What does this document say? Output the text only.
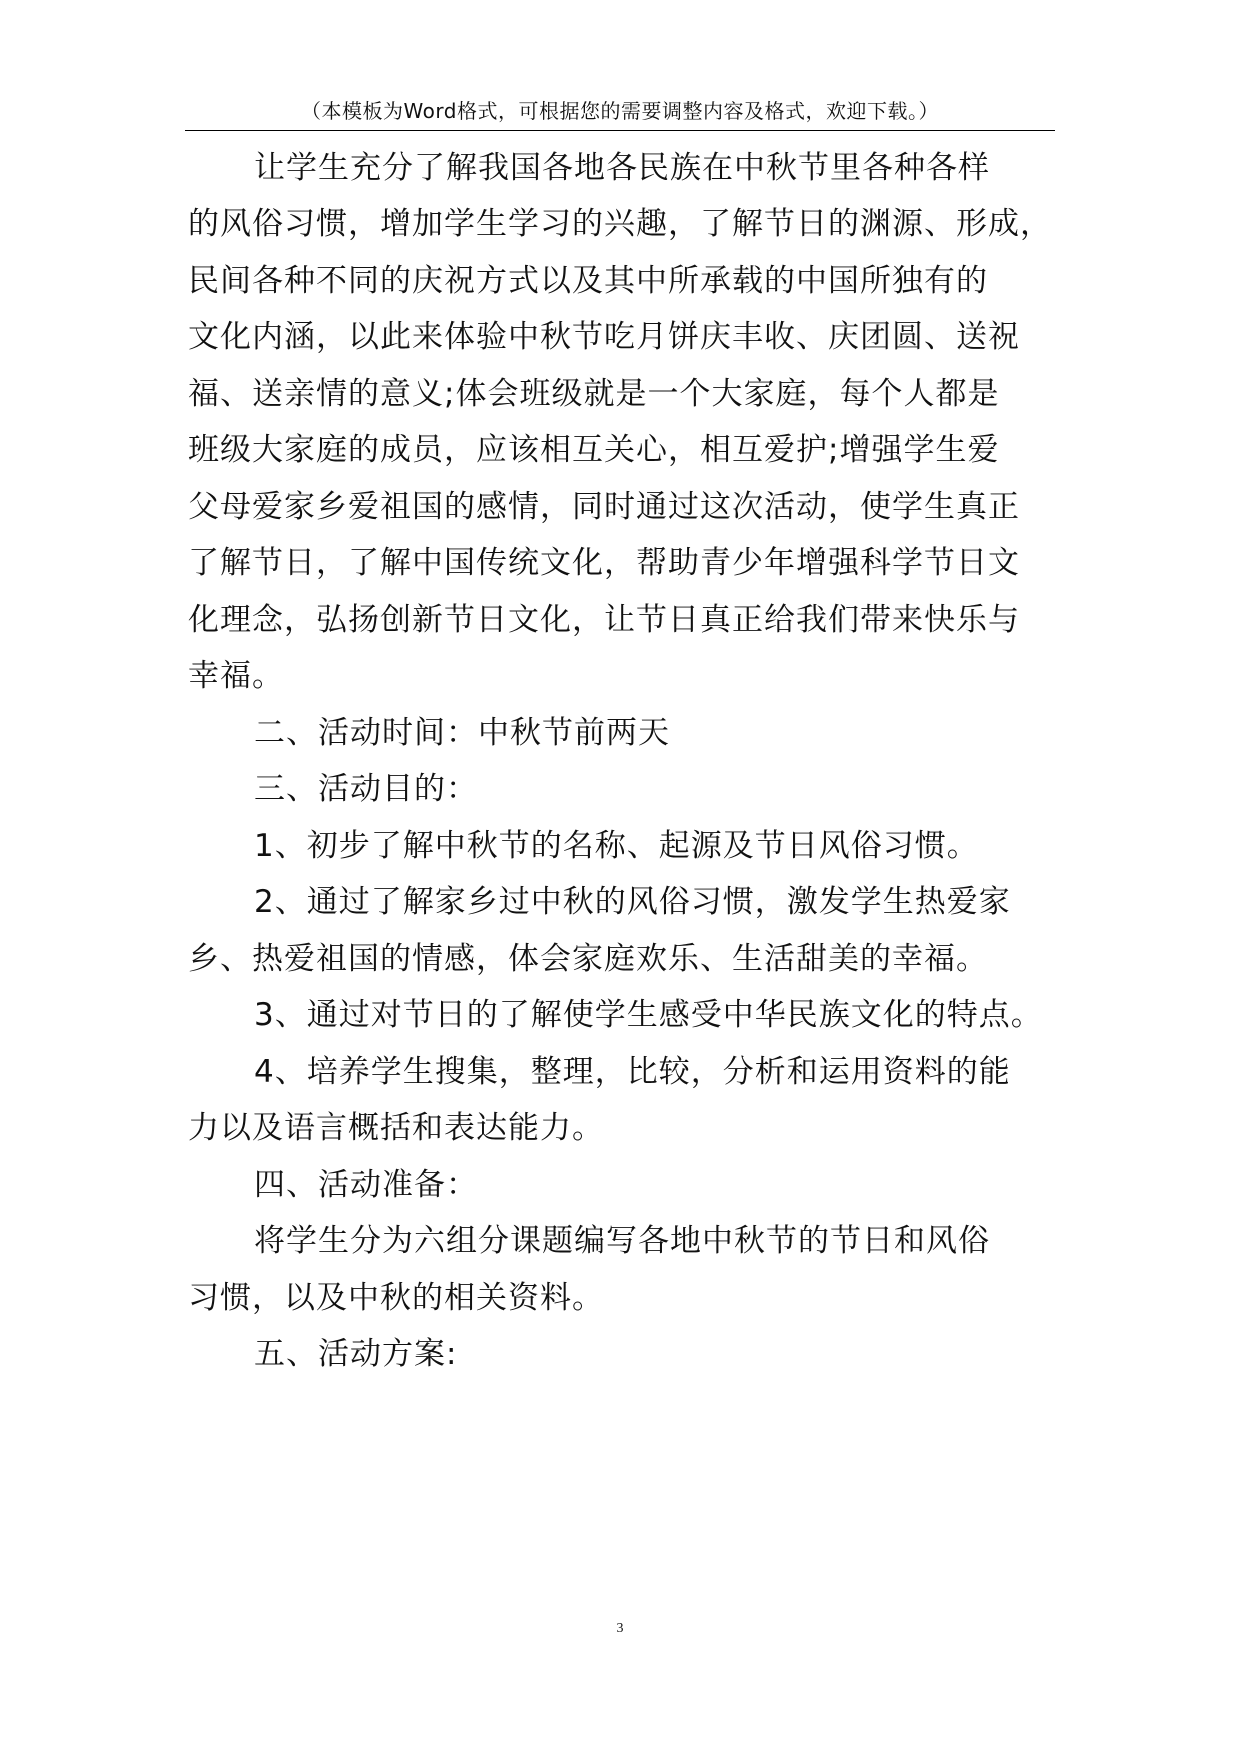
（本模板为Word格式，可根据您的需要调整内容及格式，欢迎下载。）
让学生充分了解我国各地各民族在中秋节里各种各样
的风俗习惯，增加学生学习的兴趣，了解节日的渊源、形成，
民间各种不同的庆祝方式以及其中所承载的中国所独有的
文化内涵，以此来体验中秋节吃月饼庆丰收、庆团圆、送祝
福、送亲情的意义;体会班级就是一个大家庭，每个人都是
班级大家庭的成员，应该相互关心，相互爱护;增强学生爱
父母爱家乡爱祖国的感情，同时通过这次活动，使学生真正
了解节日，了解中国传统文化，帮助青少年增强科学节日文
化理念，弘扬创新节日文化，让节日真正给我们带来快乐与
幸福。
二、活动时间：中秋节前两天
三、活动目的：
1、初步了解中秋节的名称、起源及节日风俗习惯。
2、通过了解家乡过中秋的风俗习惯，激发学生热爱家
乡、热爱祖国的情感，体会家庭欢乐、生活甜美的幸福。
3、通过对节日的了解使学生感受中华民族文化的特点。
4、培养学生搜集，整理，比较，分析和运用资料的能
力以及语言概括和表达能力。
四、活动准备：
将学生分为六组分课题编写各地中秋节的节日和风俗
习惯，以及中秋的相关资料。
五、活动方案:
3
